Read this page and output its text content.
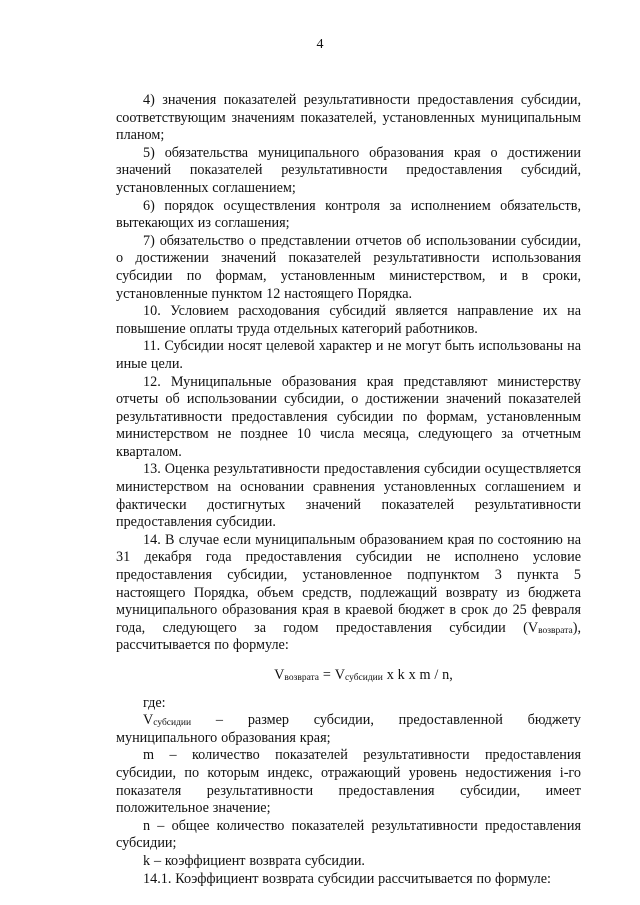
4

4) значения показателей результативности предоставления субсидии, соответствующим значениям показателей, установленных муниципальным планом;

5) обязательства муниципального образования края о достижении значений показателей результативности предоставления субсидий, установленных соглашением;

6) порядок осуществления контроля за исполнением обязательств, вытекающих из соглашения;

7) обязательство о представлении отчетов об использовании субсидии, о достижении значений показателей результативности использования субсидии по формам, установленным министерством, и в сроки, установленные пунктом 12 настоящего Порядка.

10. Условием расходования субсидий является направление их на повышение оплаты труда отдельных категорий работников.

11. Субсидии носят целевой характер и не могут быть использованы на иные цели.

12. Муниципальные образования края представляют министерству отчеты об использовании субсидии, о достижении значений показателей результативности предоставления субсидии по формам, установленным министерством не позднее 10 числа месяца, следующего за отчетным кварталом.

13. Оценка результативности предоставления субсидии осуществляется министерством на основании сравнения установленных соглашением и фактически достигнутых значений показателей результативности предоставления субсидии.

14. В случае если муниципальным образованием края по состоянию на 31 декабря года предоставления субсидии не исполнено условие предоставления субсидии, установленное подпунктом 3 пункта 5 настоящего Порядка, объем средств, подлежащий возврату из бюджета муниципального образования края в краевой бюджет в срок до 25 февраля года, следующего за годом предоставления субсидии $(V_{возврата})$, рассчитывается по формуле:

$V_{возврата} = V_{субсидии}$ x k x m / n,

где:

$V_{субсидии}$ – размер субсидии, предоставленной бюджету муниципального образования края;

m – количество показателей результативности предоставления субсидии, по которым индекс, отражающий уровень недостижения i-го показателя результативности предоставления субсидии, имеет положительное значение;

n – общее количество показателей результативности предоставления субсидии;

k – коэффициент возврата субсидии.

14.1. Коэффициент возврата субсидии рассчитывается по формуле:
